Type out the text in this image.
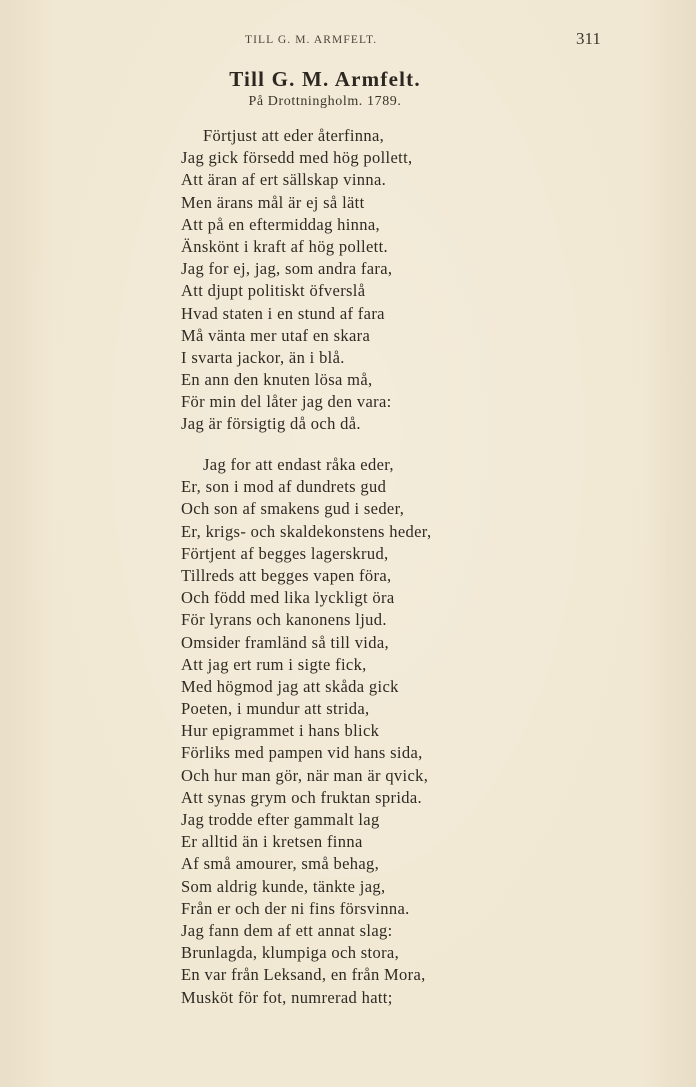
TILL G. M. ARMFELT.	311
Till G. M. Armfelt.
På Drottningholm. 1789.
Förtjust att eder återfinna,
Jag gick försedd med hög pollett,
Att äran af ert sällskap vinna.
Men ärans mål är ej så lätt
Att på en eftermiddag hinna,
Änskönt i kraft af hög pollett.
Jag for ej, jag, som andra fara,
Att djupt politiskt öfverslå
Hvad staten i en stund af fara
Må vänta mer utaf en skara
I svarta jackor, än i blå.
En ann den knuten lösa må,
För min del låter jag den vara:
Jag är försigtig då och då.
Jag for att endast råka eder,
Er, son i mod af dundrets gud
Och son af smakens gud i seder,
Er, krigs- och skaldekonstens heder,
Förtjent af begges lagerskrud,
Tillreds att begges vapen föra,
Och född med lika lyckligt öra
För lyrans och kanonens ljud.
Omsider framländ så till vida,
Att jag ert rum i sigte fick,
Med högmod jag att skåda gick
Poeten, i mundur att strida,
Hur epigrammet i hans blick
Förliks med pampen vid hans sida,
Och hur man gör, när man är qvick,
Att synas grym och fruktan sprida.
Jag trodde efter gammalt lag
Er alltid än i kretsen finna
Af små amourer, små behag,
Som aldrig kunde, tänkte jag,
Från er och der ni fins försvinna.
Jag fann dem af ett annat slag:
Brunlagda, klumpiga och stora,
En var från Leksand, en från Mora,
Musköt för fot, numrerad hatt;
